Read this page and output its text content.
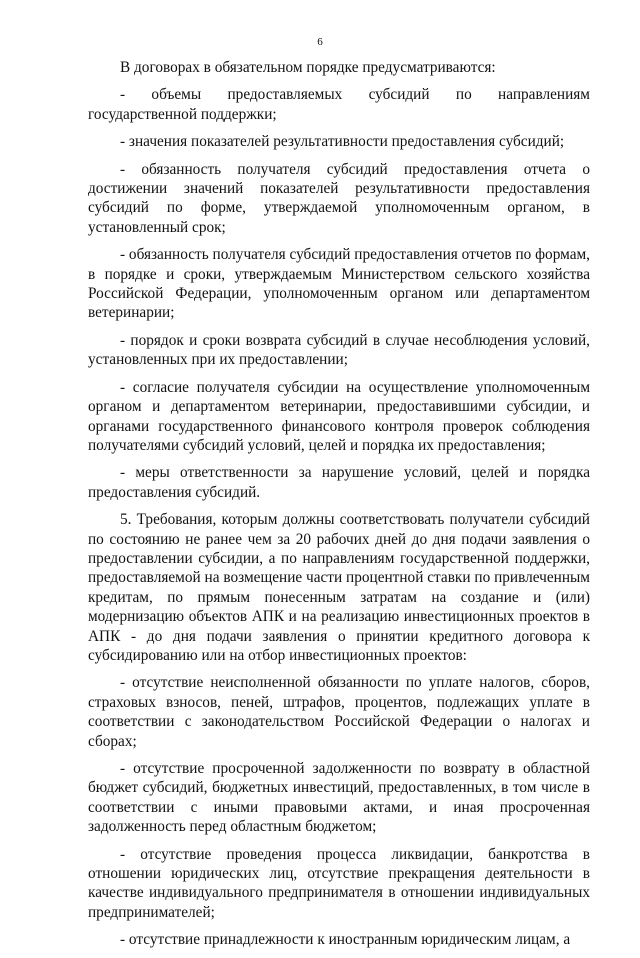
6

В договорах в обязательном порядке предусматриваются:

- объемы предоставляемых субсидий по направлениям государственной поддержки;

- значения показателей результативности предоставления субсидий;

- обязанность получателя субсидий предоставления отчета о достижении значений показателей результативности предоставления субсидий по форме, утверждаемой уполномоченным органом, в установленный срок;

- обязанность получателя субсидий предоставления отчетов по формам, в порядке и сроки, утверждаемым Министерством сельского хозяйства Российской Федерации, уполномоченным органом или департаментом ветеринарии;

- порядок и сроки возврата субсидий в случае несоблюдения условий, установленных при их предоставлении;

- согласие получателя субсидии на осуществление уполномоченным органом и департаментом ветеринарии, предоставившими субсидии, и органами государственного финансового контроля проверок соблюдения получателями субсидий условий, целей и порядка их предоставления;

- меры ответственности за нарушение условий, целей и порядка предоставления субсидий.

5. Требования, которым должны соответствовать получатели субсидий по состоянию не ранее чем за 20 рабочих дней до дня подачи заявления о предоставлении субсидии, а по направлениям государственной поддержки, предоставляемой на возмещение части процентной ставки по привлеченным кредитам, по прямым понесенным затратам на создание и (или) модернизацию объектов АПК и на реализацию инвестиционных проектов в АПК - до дня подачи заявления о принятии кредитного договора к субсидированию или на отбор инвестиционных проектов:

- отсутствие неисполненной обязанности по уплате налогов, сборов, страховых взносов, пеней, штрафов, процентов, подлежащих уплате в соответствии с законодательством Российской Федерации о налогах и сборах;

- отсутствие просроченной задолженности по возврату в областной бюджет субсидий, бюджетных инвестиций, предоставленных, в том числе в соответствии с иными правовыми актами, и иная просроченная задолженность перед областным бюджетом;

- отсутствие проведения процесса ликвидации, банкротства в отношении юридических лиц, отсутствие прекращения деятельности в качестве индивидуального предпринимателя в отношении индивидуальных предпринимателей;

- отсутствие принадлежности к иностранным юридическим лицам, а
